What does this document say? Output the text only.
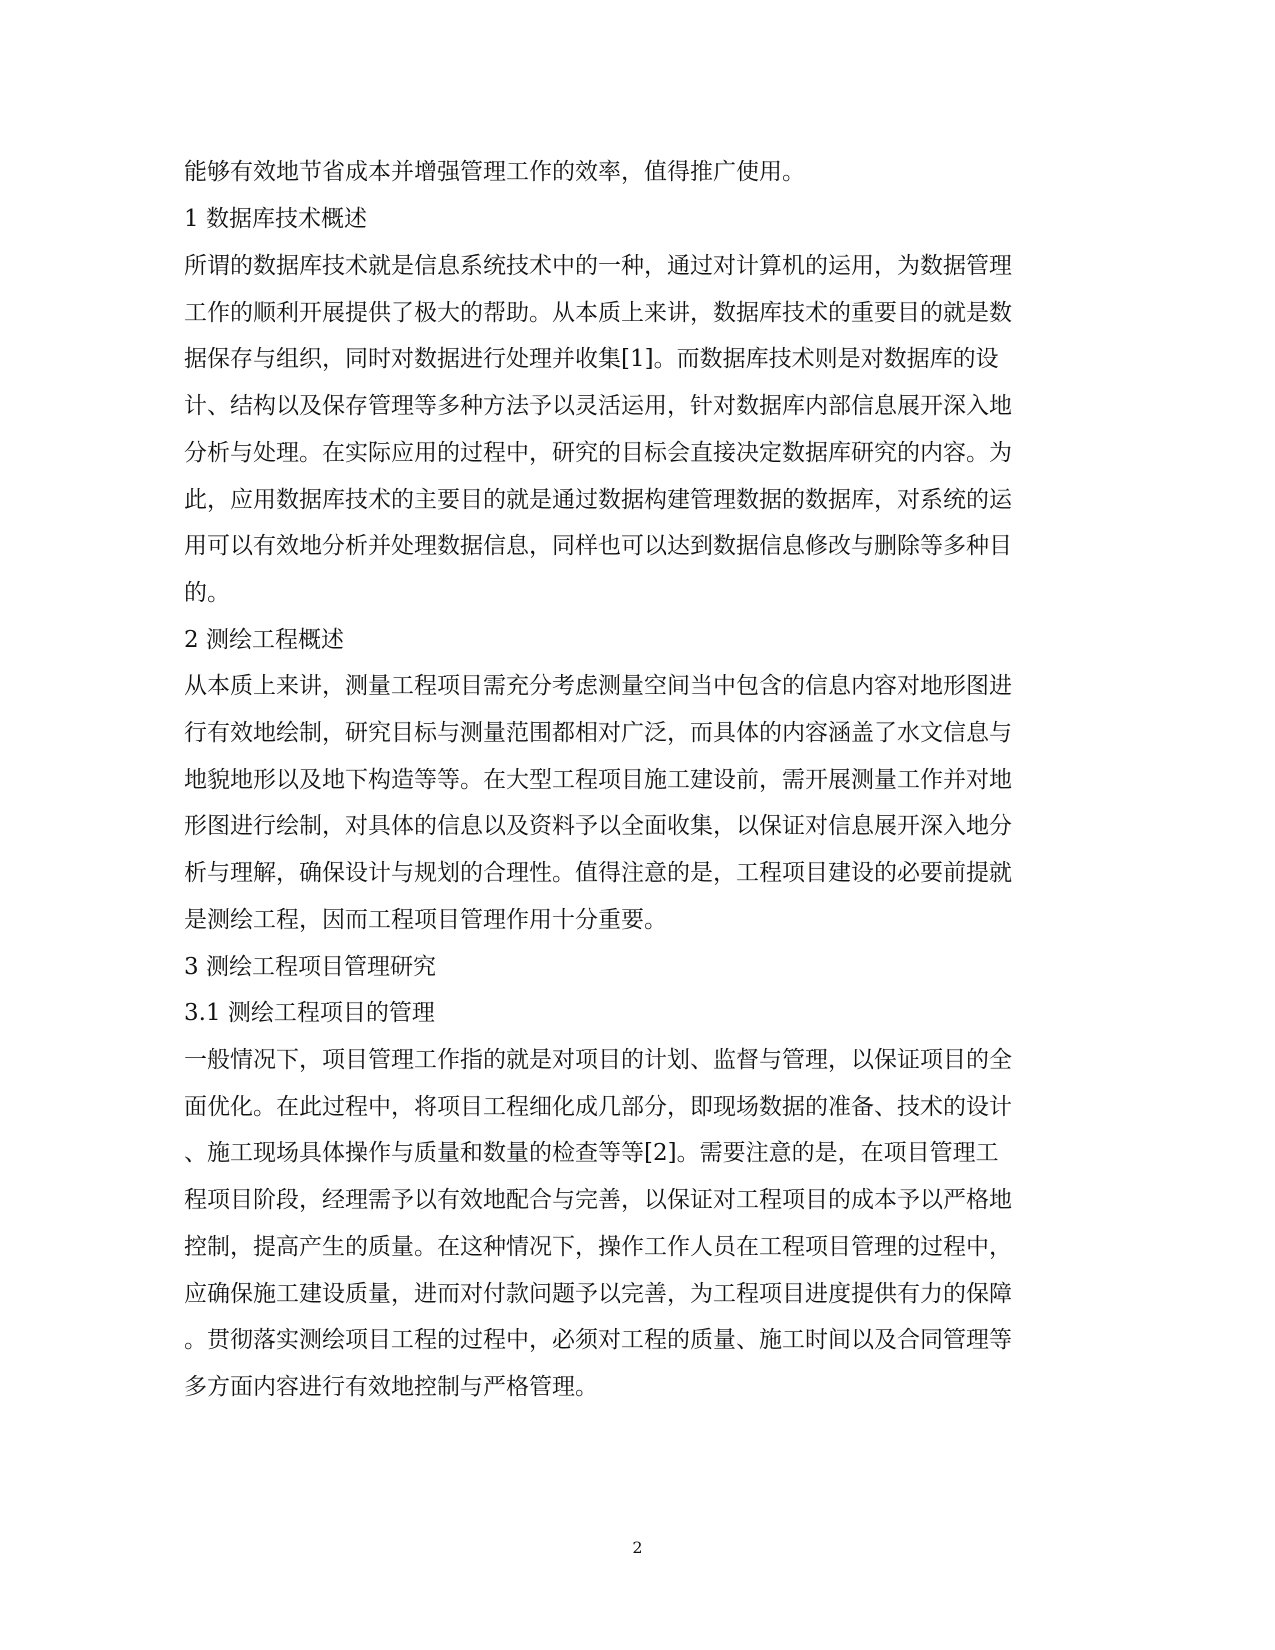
能够有效地节省成本并增强管理工作的效率，值得推广使用。
1 数据库技术概述
所谓的数据库技术就是信息系统技术中的一种，通过对计算机的运用，为数据管理
工作的顺利开展提供了极大的帮助。从本质上来讲，数据库技术的重要目的就是数
据保存与组织，同时对数据进行处理并收集[1]。而数据库技术则是对数据库的设
计、结构以及保存管理等多种方法予以灵活运用，针对数据库内部信息展开深入地
分析与处理。在实际应用的过程中，研究的目标会直接决定数据库研究的内容。为
此，应用数据库技术的主要目的就是通过数据构建管理数据的数据库，对系统的运
用可以有效地分析并处理数据信息，同样也可以达到数据信息修改与删除等多种目
的。
2 测绘工程概述
从本质上来讲，测量工程项目需充分考虑测量空间当中包含的信息内容对地形图进
行有效地绘制，研究目标与测量范围都相对广泛，而具体的内容涵盖了水文信息与
地貌地形以及地下构造等等。在大型工程项目施工建设前，需开展测量工作并对地
形图进行绘制，对具体的信息以及资料予以全面收集，以保证对信息展开深入地分
析与理解，确保设计与规划的合理性。值得注意的是，工程项目建设的必要前提就
是测绘工程，因而工程项目管理作用十分重要。
3 测绘工程项目管理研究
3.1 测绘工程项目的管理
一般情况下，项目管理工作指的就是对项目的计划、监督与管理，以保证项目的全
面优化。在此过程中，将项目工程细化成几部分，即现场数据的准备、技术的设计
、施工现场具体操作与质量和数量的检查等等[2]。需要注意的是，在项目管理工
程项目阶段，经理需予以有效地配合与完善，以保证对工程项目的成本予以严格地
控制，提高产生的质量。在这种情况下，操作工作人员在工程项目管理的过程中，
应确保施工建设质量，进而对付款问题予以完善，为工程项目进度提供有力的保障
。贯彻落实测绘项目工程的过程中，必须对工程的质量、施工时间以及合同管理等
多方面内容进行有效地控制与严格管理。
2
